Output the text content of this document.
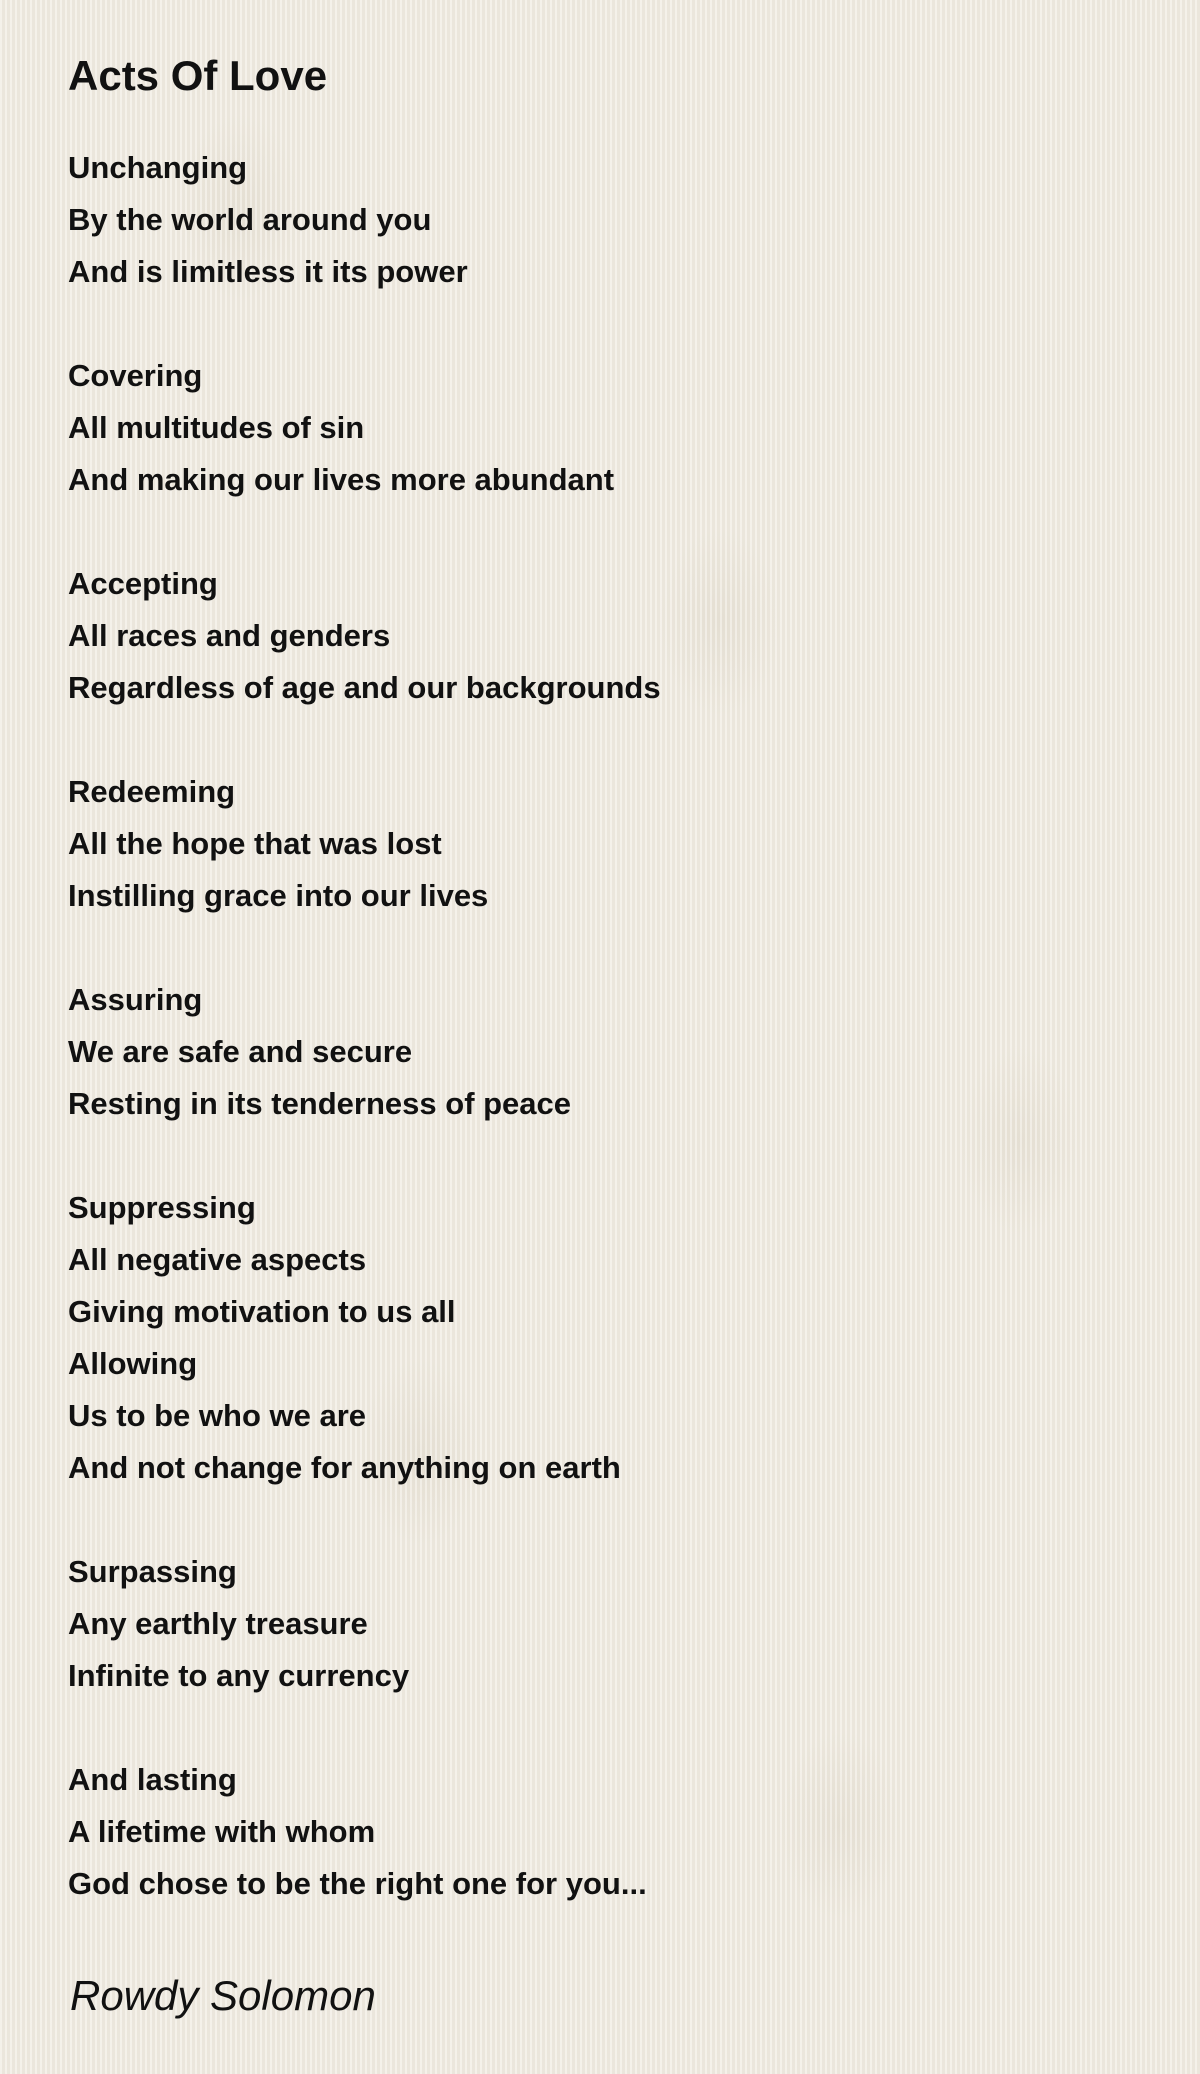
Acts Of Love
Unchanging
By the world around you
And is limitless it its power
Covering
All multitudes of sin
And making our lives more abundant
Accepting
All races and genders
Regardless of age and our backgrounds
Redeeming
All the hope that was lost
Instilling grace into our lives
Assuring
We are safe and secure
Resting in its tenderness of peace
Suppressing
All negative aspects
Giving motivation to us all
Allowing
Us to be who we are
And not change for anything on earth
Surpassing
Any earthly treasure
Infinite to any currency
And lasting
A lifetime with whom
God chose to be the right one for you...
Rowdy Solomon
